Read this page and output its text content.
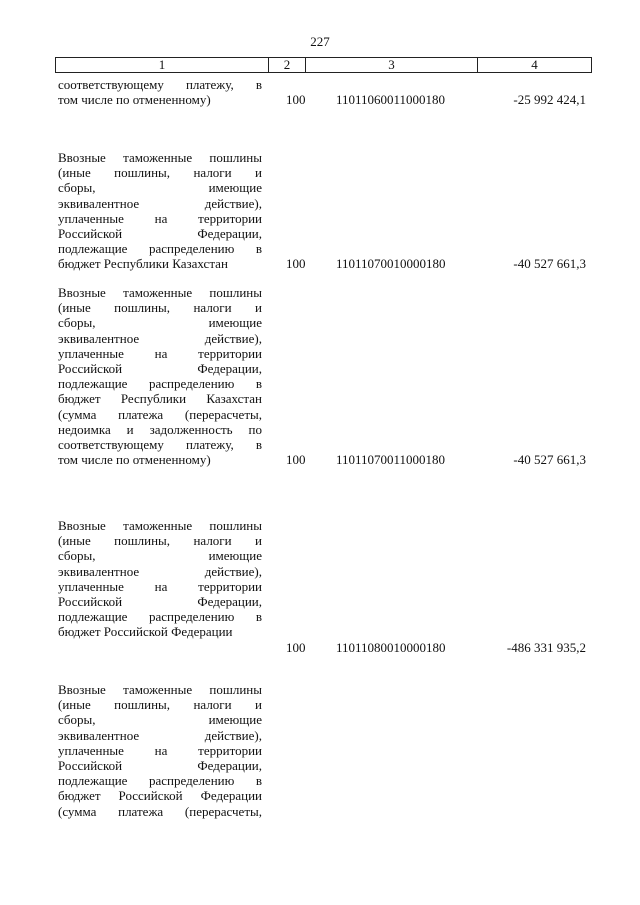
227
1	2	3	4
соответствующему платежу, в
том числе по отмененному)	100 11011060011000180	-25 992 424,1
Ввозные таможенные пошлины
(иные пошлины, налоги и
сборы, имеющие
эквивалентное действие),
уплаченные на территории
Российской Федерации,
подлежащие распределению в
бюджет Республики Казахстан	100 11011070010000180	-40 527 661,3
Ввозные таможенные пошлины
(иные пошлины, налоги и
сборы, имеющие
эквивалентное действие),
уплаченные на территории
Российской Федерации,
подлежащие распределению в
бюджет Республики Казахстан
(сумма платежа (перерасчеты,
недоимка и задолженность по
соответствующему платежу, в
том числе по отмененному)	100 11011070011000180	-40 527 661,3
Ввозные таможенные пошлины
(иные пошлины, налоги и
сборы, имеющие
эквивалентное действие),
уплаченные на территории
Российской Федерации,
подлежащие распределению в
бюджет Российской Федерации
100 11011080010000180	-486 331 935,2
Ввозные таможенные пошлины
(иные пошлины, налоги и
сборы, имеющие
эквивалентное действие),
уплаченные на территории
Российской Федерации,
подлежащие распределению в
бюджет Российской Федерации
(сумма платежа (перерасчеты,
